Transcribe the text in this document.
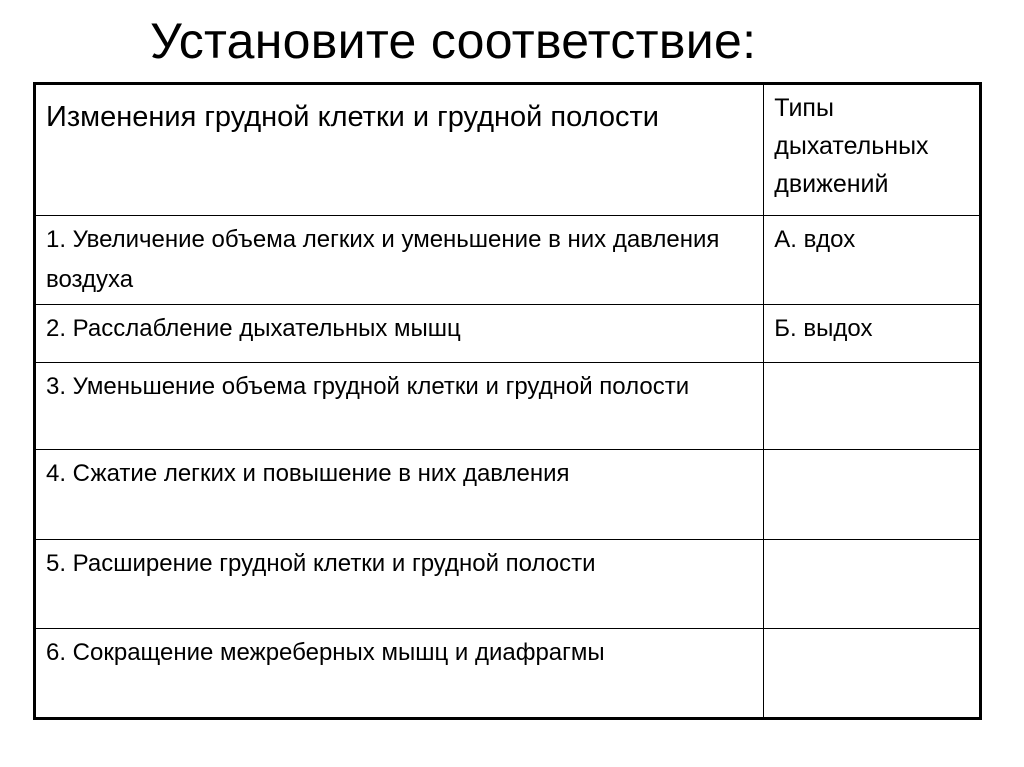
Установите соответствие:
Изменения грудной клетки и грудной полости	Типы дыхательных движений
1. Увеличение объема легких и уменьшение в них давления воздуха	А. вдох
2. Расслабление дыхательных мышц	Б. выдох
3. Уменьшение объема грудной клетки и грудной полости	
4. Сжатие легких и повышение в них давления	
5. Расширение грудной клетки и грудной полости	
6. Сокращение межреберных мышц и диафрагмы	
